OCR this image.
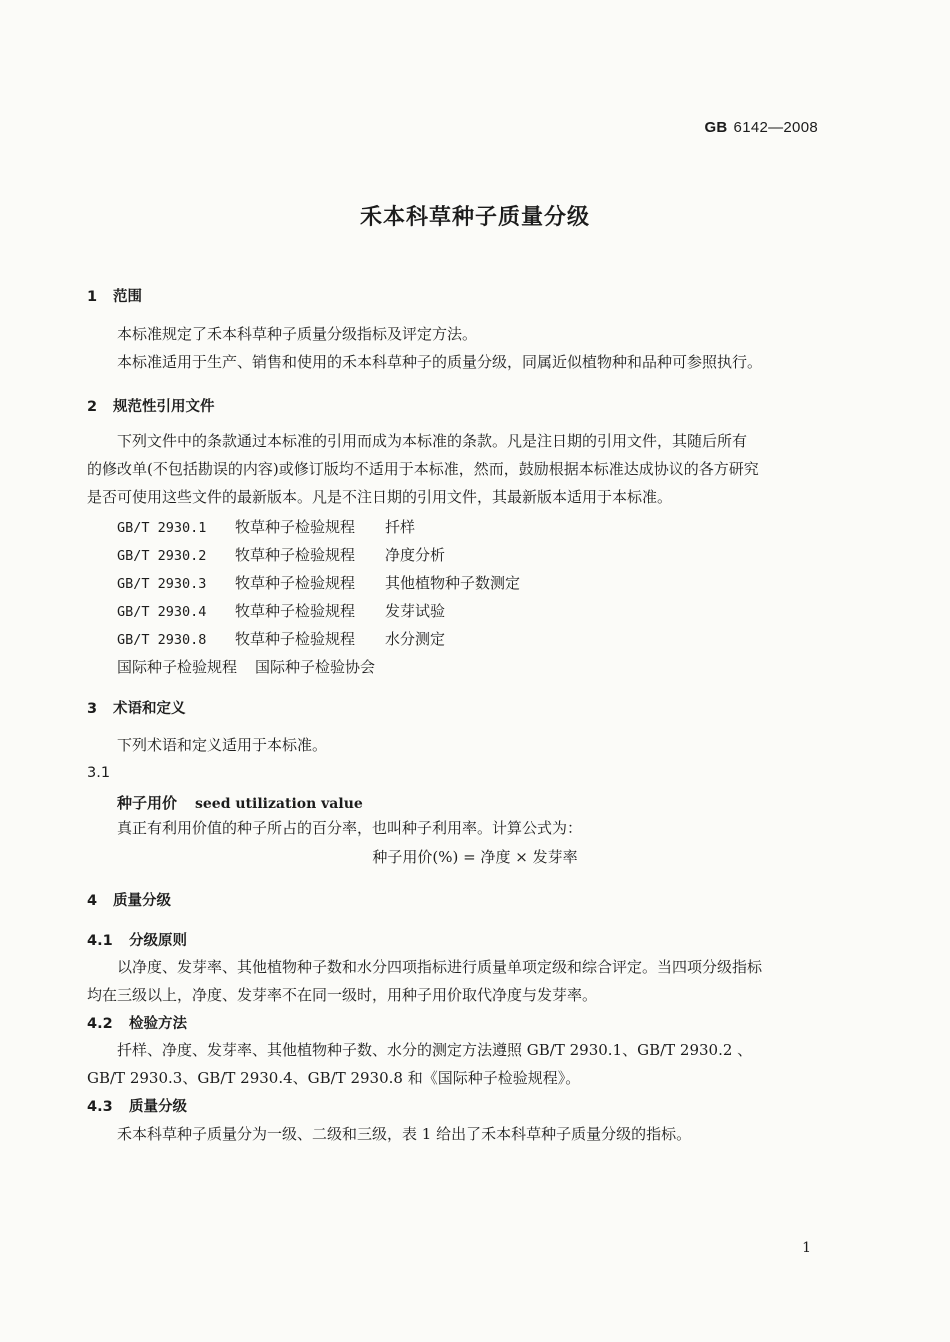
GB 6142—2008
禾本科草种子质量分级
1 范围
本标准规定了禾本科草种子质量分级指标及评定方法。
本标准适用于生产、销售和使用的禾本科草种子的质量分级，同属近似植物种和品种可参照执行。
2 规范性引用文件
下列文件中的条款通过本标准的引用而成为本标准的条款。凡是注日期的引用文件，其随后所有
的修改单(不包括勘误的内容)或修订版均不适用于本标准，然而，鼓励根据本标准达成协议的各方研究
是否可使用这些文件的最新版本。凡是不注日期的引用文件，其最新版本适用于本标准。
GB/T 2930.1 牧草种子检验规程 扦样
GB/T 2930.2 牧草种子检验规程 净度分析
GB/T 2930.3 牧草种子检验规程 其他植物种子数测定
GB/T 2930.4 牧草种子检验规程 发芽试验
GB/T 2930.8 牧草种子检验规程 水分测定
国际种子检验规程 国际种子检验协会
3 术语和定义
下列术语和定义适用于本标准。
3.1
种子用价 seed utilization value
真正有利用价值的种子所占的百分率，也叫种子利用率。计算公式为：
种子用价(%) = 净度 × 发芽率
4 质量分级
4.1 分级原则
以净度、发芽率、其他植物种子数和水分四项指标进行质量单项定级和综合评定。当四项分级指标
均在三级以上，净度、发芽率不在同一级时，用种子用价取代净度与发芽率。
4.2 检验方法
扦样、净度、发芽率、其他植物种子数、水分的测定方法遵照 GB/T 2930.1、GB/T 2930.2 、
GB/T 2930.3、GB/T 2930.4、GB/T 2930.8 和《国际种子检验规程》。
4.3 质量分级
禾本科草种子质量分为一级、二级和三级，表 1 给出了禾本科草种子质量分级的指标。
1
